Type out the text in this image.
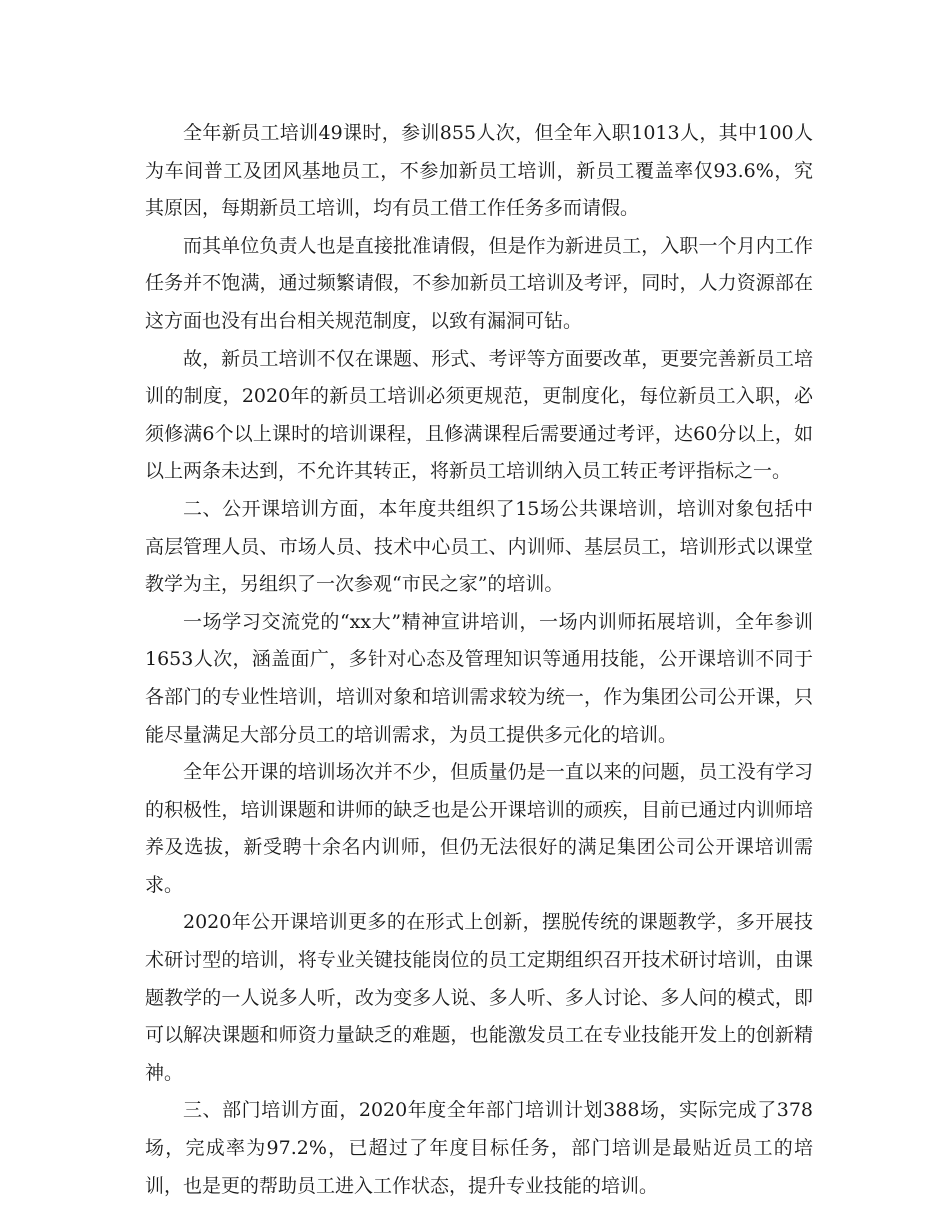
全年新员工培训49课时，参训855人次，但全年入职1013人，其中100人为车间普工及团风基地员工，不参加新员工培训，新员工覆盖率仅93.6%，究其原因，每期新员工培训，均有员工借工作任务多而请假。

而其单位负责人也是直接批准请假，但是作为新进员工，入职一个月内工作任务并不饱满，通过频繁请假，不参加新员工培训及考评，同时，人力资源部在这方面也没有出台相关规范制度，以致有漏洞可钻。

故，新员工培训不仅在课题、形式、考评等方面要改革，更要完善新员工培训的制度，2020年的新员工培训必须更规范，更制度化，每位新员工入职，必须修满6个以上课时的培训课程，且修满课程后需要通过考评，达60分以上，如以上两条未达到，不允许其转正，将新员工培训纳入员工转正考评指标之一。

二、公开课培训方面，本年度共组织了15场公共课培训，培训对象包括中高层管理人员、市场人员、技术中心员工、内训师、基层员工，培训形式以课堂教学为主，另组织了一次参观“市民之家”的培训。

一场学习交流党的“xx大”精神宣讲培训，一场内训师拓展培训，全年参训1653人次，涵盖面广，多针对心态及管理知识等通用技能，公开课培训不同于各部门的专业性培训，培训对象和培训需求较为统一，作为集团公司公开课，只能尽量满足大部分员工的培训需求，为员工提供多元化的培训。

全年公开课的培训场次并不少，但质量仍是一直以来的问题，员工没有学习的积极性，培训课题和讲师的缺乏也是公开课培训的顽疾，目前已通过内训师培养及选拔，新受聘十余名内训师，但仍无法很好的满足集团公司公开课培训需求。

2020年公开课培训更多的在形式上创新，摆脱传统的课题教学，多开展技术研讨型的培训，将专业关键技能岗位的员工定期组织召开技术研讨培训，由课题教学的一人说多人听，改为变多人说、多人听、多人讨论、多人问的模式，即可以解决课题和师资力量缺乏的难题，也能激发员工在专业技能开发上的创新精神。

三、部门培训方面，2020年度全年部门培训计划388场，实际完成了378场，完成率为97.2%，已超过了年度目标任务，部门培训是最贴近员工的培训，也是更的帮助员工进入工作状态，提升专业技能的培训。
